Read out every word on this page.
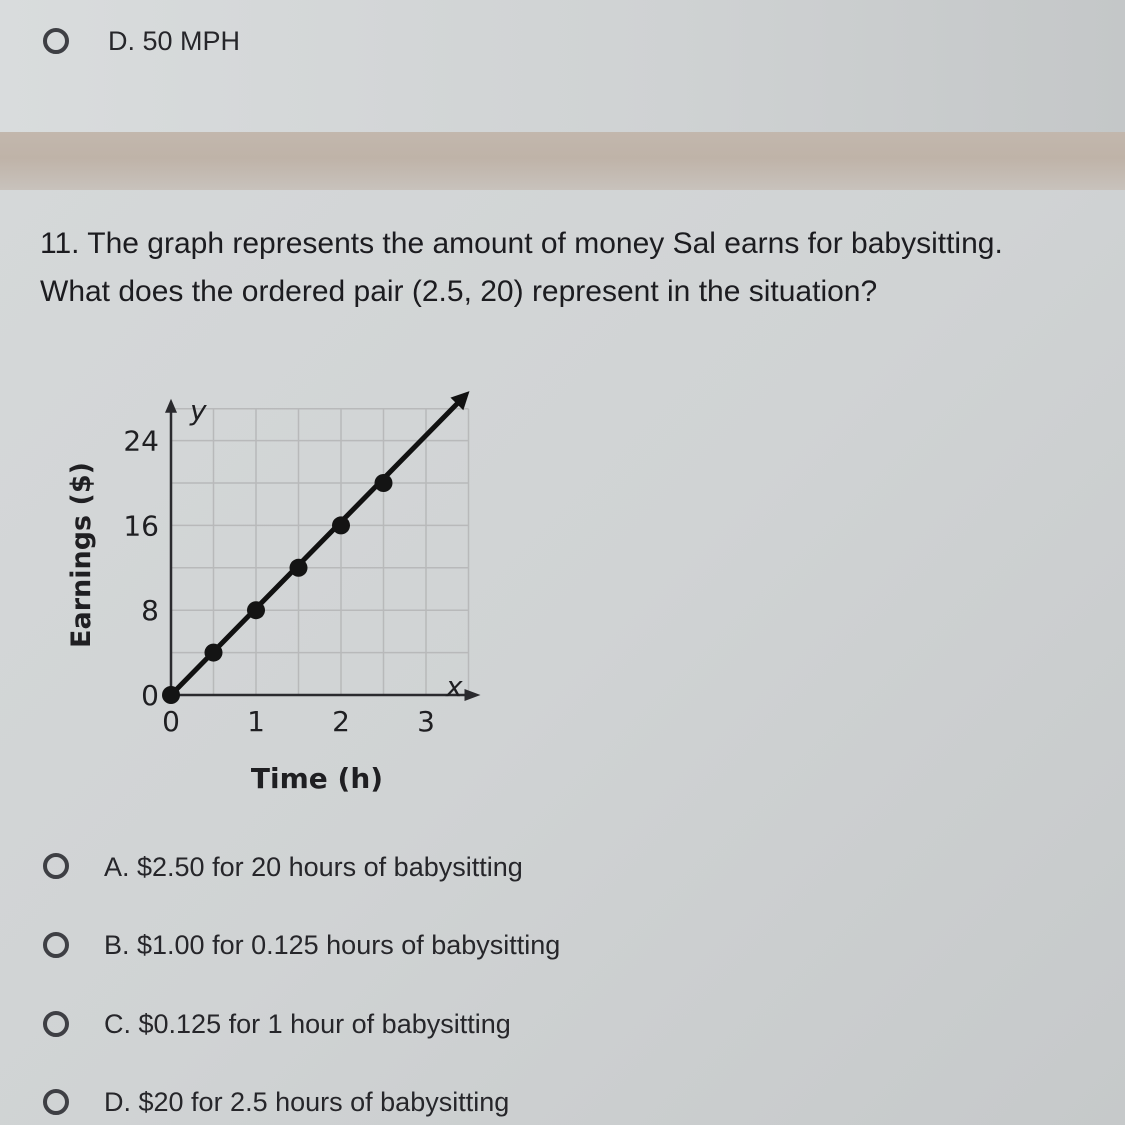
D. 50 MPH
11. The graph represents the amount of money Sal earns for babysitting.
What does the ordered pair (2.5, 20) represent in the situation?
Earnings ($)
Time (h)
y
x
0 1 2 3
0
8
16
24
A. $2.50 for 20 hours of babysitting
B. $1.00 for 0.125 hours of babysitting
C. $0.125 for 1 hour of babysitting
D. $20 for 2.5 hours of babysitting
